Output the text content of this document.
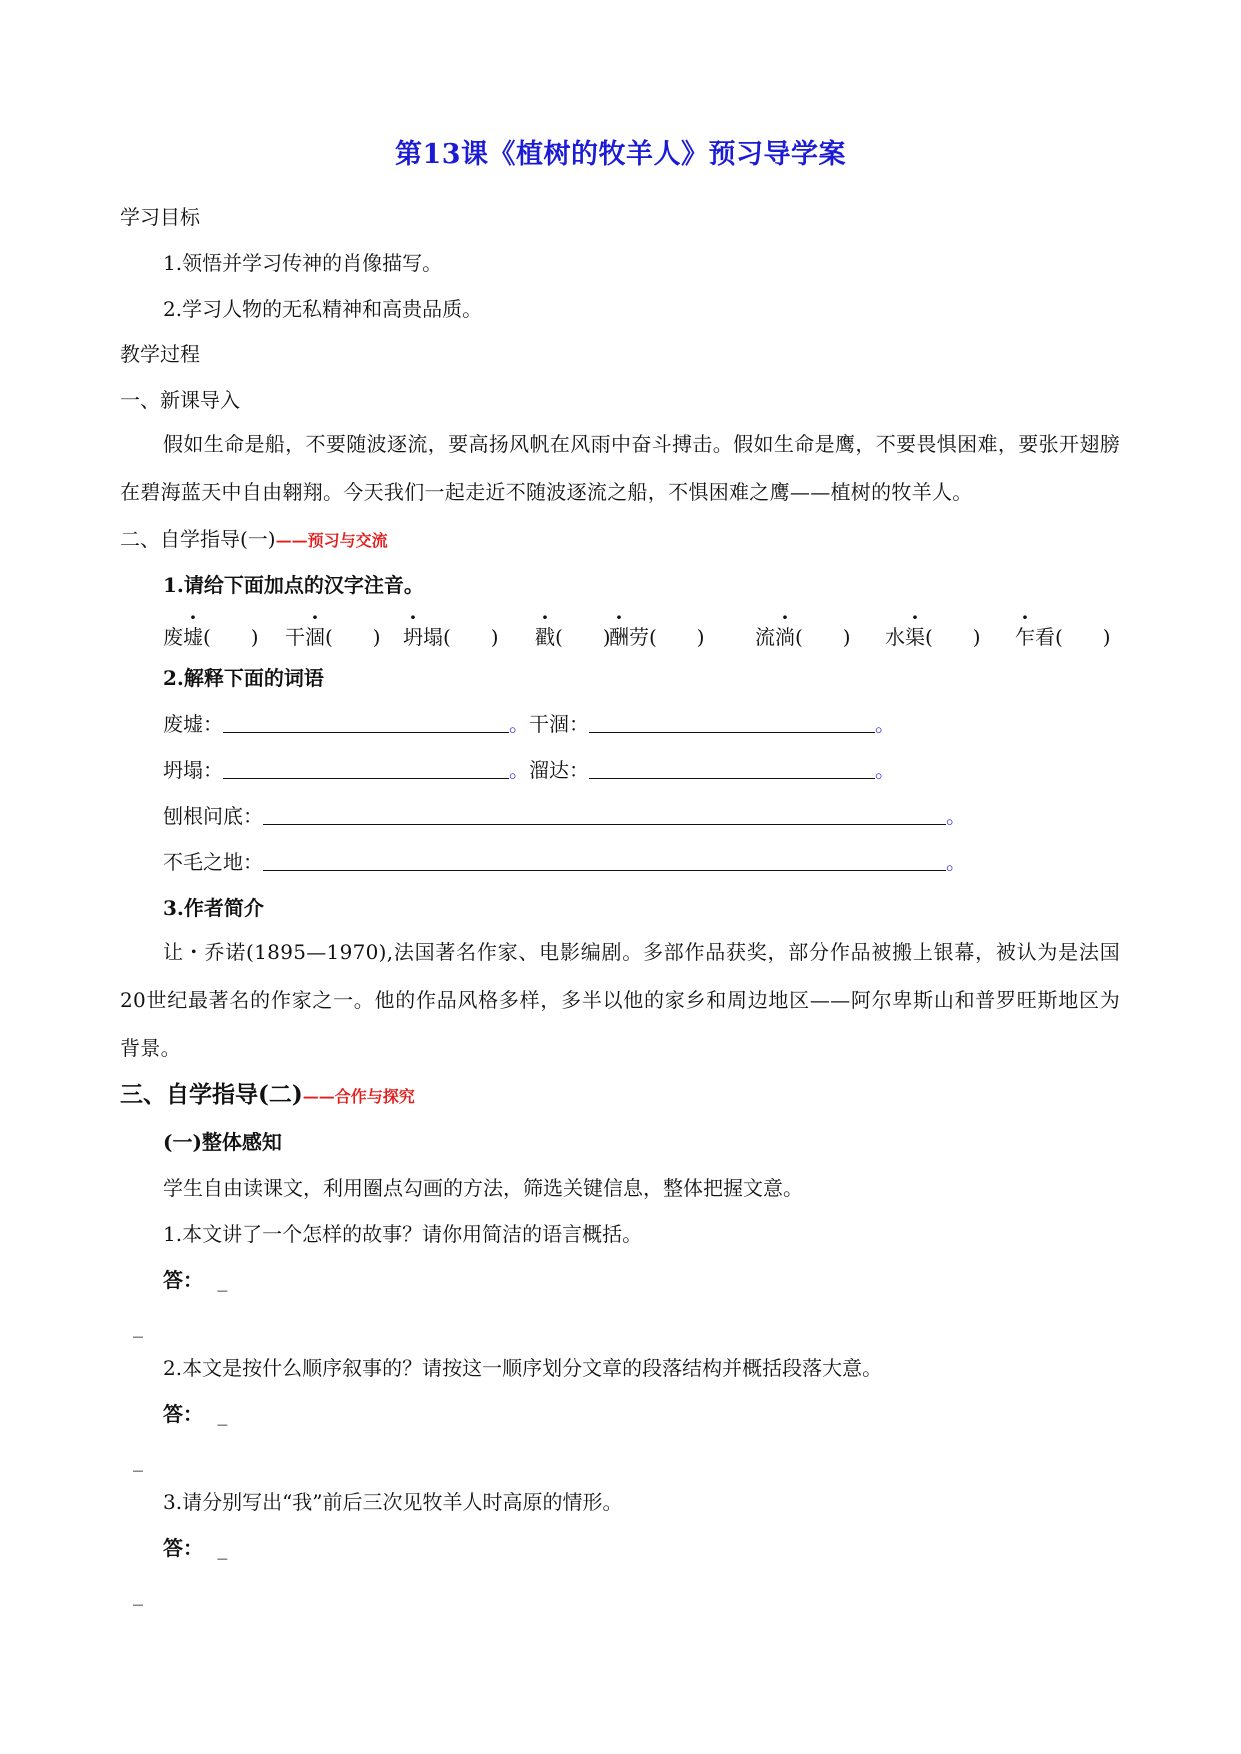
第13课《植树的牧羊人》预习导学案
学习目标
1.领悟并学习传神的肖像描写。
2.学习人物的无私精神和高贵品质。
教学过程
一、新课导入
假如生命是船，不要随波逐流，要高扬风帆在风雨中奋斗搏击。假如生命是鹰，不要畏惧困难，要张开翅膀在碧海蓝天中自由翱翔。今天我们一起走近不随波逐流之船，不惧困难之鹰——植树的牧羊人。
二、自学指导(一)——预习与交流
1.请给下面加点的汉字注音。
废墟(　　) 干涸(　　) 坍塌(　　) 戳(　　)
酬劳(　　)	流淌(　　) 水渠(　　) 乍看(　　)
2.解释下面的词语
废墟：	。干涸：	。
坍塌：	。溜达：	。
刨根问底：	。
不毛之地：	。
3.作者简介
让・乔诺(1895—1970),法国著名作家、电影编剧。多部作品获奖，部分作品被搬上银幕，被认为是法国20世纪最著名的作家之一。他的作品风格多样，多半以他的家乡和周边地区——阿尔卑斯山和普罗旺斯地区为背景。
三、自学指导(二)——合作与探究
(一)整体感知
学生自由读课文，利用圈点勾画的方法，筛选关键信息，整体把握文意。
1.本文讲了一个怎样的故事？请你用简洁的语言概括。
答： _
_
2.本文是按什么顺序叙事的？请按这一顺序划分文章的段落结构并概括段落大意。
答： _
_
3.请分别写出“我”前后三次见牧羊人时高原的情形。
答： _
_
